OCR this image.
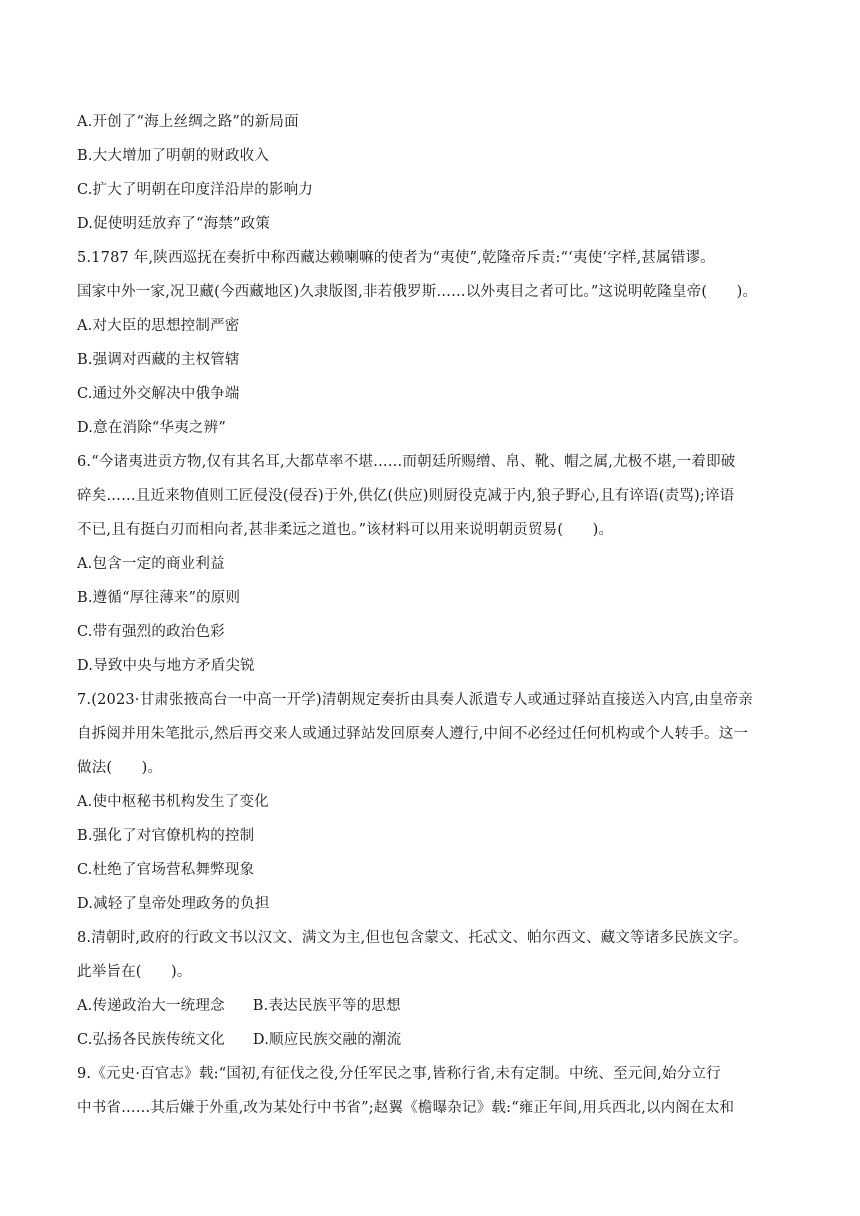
A.开创了“海上丝绸之路”的新局面
B.大大增加了明朝的财政收入
C.扩大了明朝在印度洋沿岸的影响力
D.促使明廷放弃了“海禁”政策
5.1787 年,陕西巡抚在奏折中称西藏达赖喇嘛的使者为“夷使”,乾隆帝斥责:“‘夷使’字样,甚属错谬。
国家中外一家,况卫藏(今西藏地区)久隶版图,非若俄罗斯……以外夷目之者可比。”这说明乾隆皇帝(　　)。
A.对大臣的思想控制严密
B.强调对西藏的主权管辖
C.通过外交解决中俄争端
D.意在消除“华夷之辨”
6.“今诸夷进贡方物,仅有其名耳,大都草率不堪……而朝廷所赐缯、帛、靴、帽之属,尤极不堪,一着即破
碎矣……且近来物值则工匠侵没(侵吞)于外,供亿(供应)则厨役克减于内,狼子野心,且有谇语(责骂);谇语
不已,且有挺白刃而相向者,甚非柔远之道也。”该材料可以用来说明朝贡贸易(　　)。
A.包含一定的商业利益
B.遵循“厚往薄来”的原则
C.带有强烈的政治色彩
D.导致中央与地方矛盾尖锐
7.(2023·甘肃张掖高台一中高一开学)清朝规定奏折由具奏人派遣专人或通过驿站直接送入内宫,由皇帝亲
自拆阅并用朱笔批示,然后再交来人或通过驿站发回原奏人遵行,中间不必经过任何机构或个人转手。这一
做法(　　)。
A.使中枢秘书机构发生了变化
B.强化了对官僚机构的控制
C.杜绝了官场营私舞弊现象
D.减轻了皇帝处理政务的负担
8.清朝时,政府的行政文书以汉文、满文为主,但也包含蒙文、托忒文、帕尔西文、藏文等诸多民族文字。
此举旨在(　　)。
A.传递政治大一统理念 B.表达民族平等的思想
C.弘扬各民族传统文化 D.顺应民族交融的潮流
9.《元史·百官志》载:“国初,有征伐之役,分任军民之事,皆称行省,未有定制。中统、至元间,始分立行
中书省……其后嫌于外重,改为某处行中书省”;赵翼《檐曝杂记》载:“雍正年间,用兵西北,以内阁在太和
